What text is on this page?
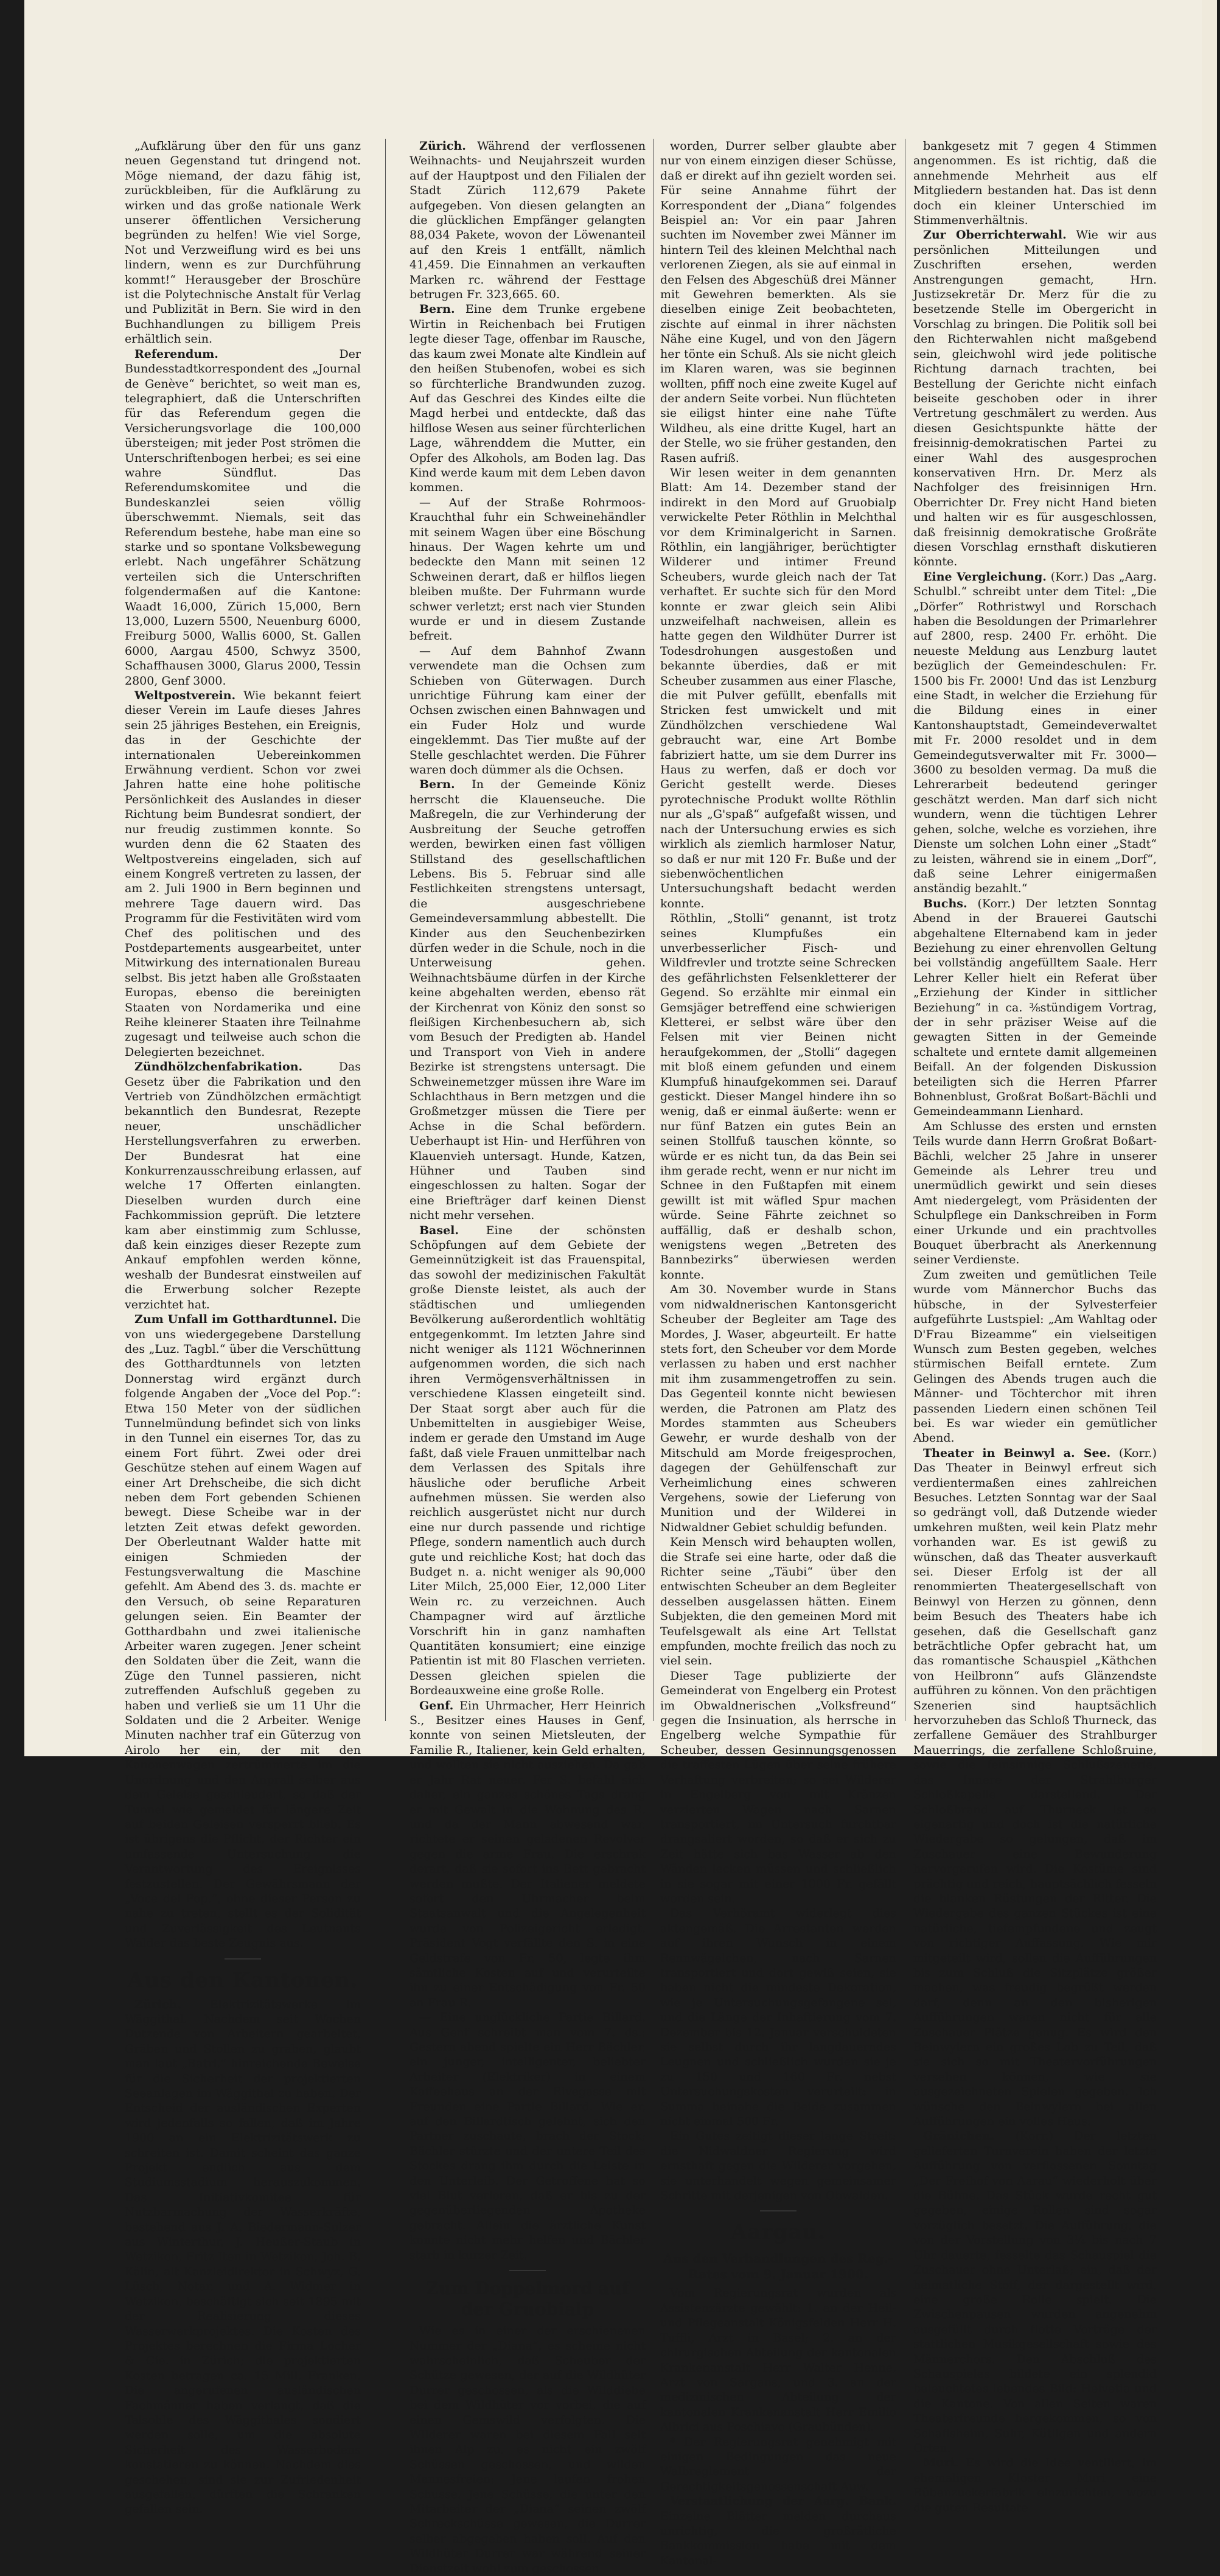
„Aufklärung über den für uns ganz neuen Gegenstand tut dringend not. Möge niemand, der dazu fähig ist, zurückbleiben, für die Aufklärung zu wirken und das große nationale Werk unserer öffentlichen Versicherung begründen zu helfen! Wie viel Sorge, Not und Verzweiflung wird es bei uns lindern, wenn es zur Durchführung kommt!“ Herausgeber der Broschüre ist die Polytechnische Anstalt für Verlag und Publizität in Bern. Sie wird in den Buchhandlungen zu billigem Preis erhältlich sein.

Referendum.	Der Bundesstadtkorrespondent des „Journal de Genève“ berichtet, so weit man es, telegraphiert, daß die Unterschriften für das Referendum gegen die Versicherungsvorlage die 100,000 übersteigen; mit jeder Post strömen die Unterschriftenbogen herbei; es sei eine wahre Sündflut. Das Referendumskomitee und die Bundeskanzlei seien völlig überschwemmt. Niemals, seit das Referendum bestehe, habe man eine so starke und so spontane Volksbewegung erlebt. Nach ungefährer Schätzung verteilen sich die Unterschriften folgendermaßen auf die Kantone: Waadt 16,000, Zürich 15,000, Bern 13,000, Luzern 5500, Neuenburg 6000, Freiburg 5000, Wallis 6000, St. Gallen 6000, Aargau 4500, Schwyz 3500, Schaffhausen 3000, Glarus 2000, Tessin 2800, Genf 3000.

Weltpostverein. Wie bekannt feiert dieser Verein im Laufe dieses Jahres sein 25 jähriges Bestehen, ein Ereignis, das in der Geschichte der internationalen Uebereinkommen Erwähnung verdient. Schon vor zwei Jahren hatte eine hohe politische Persönlichkeit des Auslandes in dieser Richtung beim Bundesrat sondiert, der nur freudig zustimmen konnte. So wurden denn die 62 Staaten des Weltpostvereins eingeladen, sich auf einem Kongreß vertreten zu lassen, der am 2. Juli 1900 in Bern beginnen und mehrere Tage dauern wird. Das Programm für die Festivitäten wird vom Chef des politischen und des Postdepartements ausgearbeitet, unter Mitwirkung des internationalen Bureau selbst. Bis jetzt haben alle Großstaaten Europas, ebenso die bereinigten Staaten von Nordamerika und eine Reihe kleinerer Staaten ihre Teilnahme zugesagt und teilweise auch schon die Delegierten bezeichnet.

Zündhölzchenfabrikation.	Das Gesetz über die Fabrikation und den Vertrieb von Zündhölzchen ermächtigt bekanntlich den Bundesrat, Rezepte neuer, unschädlicher Herstellungsverfahren zu erwerben. Der Bundesrat hat eine Konkurrenzausschreibung erlassen, auf welche 17 Offerten einlangten. Dieselben wurden durch eine Fachkommission geprüft. Die letztere kam aber einstimmig zum Schlusse, daß kein einziges dieser Rezepte zum Ankauf empfohlen werden könne, weshalb der Bundesrat einstweilen auf die Erwerbung solcher Rezepte verzichtet hat.

Zum Unfall im Gotthardtunnel. Die von uns wiedergegebene Darstellung des „Luz. Tagbl.“ über die Verschüttung des Gotthardtunnels von letzten Donnerstag wird ergänzt durch folgende Angaben der „Voce del Pop.“: Etwa 150 Meter von der südlichen Tunnelmündung befindet sich von links in den Tunnel ein eisernes Tor, das zu einem Fort führt. Zwei oder drei Geschütze stehen auf einem Wagen auf einer Art Drehscheibe, die sich dicht neben dem Fort gebenden Schienen bewegt. Diese Scheibe war in der letzten Zeit etwas defekt geworden. Der Oberleutnant Walder hatte mit einigen Schmieden der Festungsverwaltung die Maschine gefehlt. Am Abend des 3. ds. machte er den Versuch, ob seine Reparaturen gelungen seien. Ein Beamter der Gotthardbahn und zwei italienische Arbeiter waren zugegen. Jener scheint den Soldaten über die Zeit, wann die Züge den Tunnel passieren, nicht zutreffenden Aufschluß gegeben zu haben und verließ sie um 11 Uhr die Soldaten und die 2 Arbeiter. Wenige Minuten nachher traf ein Güterzug von Airolo her ein, der mit den Kanonenwagen zertrümmerte im die Unordnung und den Anprall selber aus dem Geleise geschleudert, so daß der Tunnel wie gemeldet für längere Zeit auf beiden Geleisen versperrt blieb. Es ist übrigens die Pflicht, der Richter ein umfassende Untersuchung die Verantwortung des Ereignisses festzustellen. Der Gewährsmann der „Voce del Pop.“, ohne dieser Person zu nahe zu treten, stellt es der Solidität und Zuverlässigkeit des Leutnants Walder das beste Zeugnis aus.

Aus den Kantonen.

Zürich. Elektrizitätswerke im Wäggithal. Nachdem seit Wochen Dutzende von Arbeitern gearbeitet, Gräben und Stollen zu graben, glaubt man laut „Batrl.“ hinreichende Beweise für die Sicherheit der projektierten Seeanlagen im Wäggithal zu haben. Der Entscheid der ausländischen Experten wird jedenfalls so fallen, daß im Jahre 1900 an ein Elektrizitätswerk zu schreiten ist. Damit scheint das ganze Projekt endlich aus dem Studiumsstadium herauszukommen. Das Initiativkomitee für Nutzbarmachung der Wasserkräfte, bestehend aus J. A. Biedermann-Sulzer aus Winterthur, J. Heußer-Staub in Wetzikon, Fritz Iten in Wetzikon, Joh. B. Kälin, alt Kanzleidirektor in Schwyz, G. Lüsch, Notar, und A. Widmer in Wetzikon, beschäftigt sich seit 1895 mit der Realisierung dieses Wasserwerkprojektes. Die Kosten des Projektes berechnen die Firma Locher & Cie. in Zürich; die projektierten Kosten betragen ca. 15 Mill. Franken. Die angerufenen ausländischen Fachmänner haben verlangt, daß die Talsohle des Wäggithales sondiert werden solle, um die absolute Sicherheit des Wasserbodens konstatieren zu können. Nachdem dies geschehen, sind sie zur Zufriedenheit ausgefallen, dürften die Schranken gefallen sein.

Zürich. Während der verflossenen Weihnachts- und Neujahrszeit wurden auf der Hauptpost und den Filialen der Stadt Zürich 112,679 Pakete aufgegeben. Von diesen gelangten an die glücklichen Empfänger gelangten 88,034 Pakete, wovon der Löwenanteil auf den Kreis 1 entfällt, nämlich 41,459. Die Einnahmen an verkauften Marken rc. während der Festtage betrugen Fr. 323,665. 60.

Bern. Eine dem Trunke ergebene Wirtin in Reichenbach bei Frutigen legte dieser Tage, offenbar im Rausche, das kaum zwei Monate alte Kindlein auf den heißen Stubenofen, wobei es sich so fürchterliche Brandwunden zuzog. Auf das Geschrei des Kindes eilte die Magd herbei und entdeckte, daß das hilflose Wesen aus seiner fürchterlichen Lage, währenddem die Mutter, ein Opfer des Alkohols, am Boden lag. Das Kind werde kaum mit dem Leben davon kommen.

— Auf der Straße Rohrmoos-Krauchthal fuhr ein Schweinehändler mit seinem Wagen über eine Böschung hinaus. Der Wagen kehrte um und bedeckte den Mann mit seinen 12 Schweinen derart, daß er hilflos liegen bleiben mußte. Der Fuhrmann wurde schwer verletzt; erst nach vier Stunden wurde er und in diesem Zustande befreit.

— Auf dem Bahnhof Zwann verwendete man die Ochsen zum Schieben von Güterwagen. Durch unrichtige Führung kam einer der Ochsen zwischen einen Bahnwagen und ein Fuder Holz und wurde eingeklemmt. Das Tier mußte auf der Stelle geschlachtet werden. Die Führer waren doch dümmer als die Ochsen.

Bern. In der Gemeinde Köniz herrscht die Klauenseuche. Die Maßregeln, die zur Verhinderung der Ausbreitung der Seuche getroffen werden, bewirken einen fast völligen Stillstand des gesellschaftlichen Lebens. Bis 5. Februar sind alle Festlichkeiten strengstens untersagt, die ausgeschriebene Gemeindeversammlung abbestellt. Die Kinder aus den Seuchenbezirken dürfen weder in die Schule, noch in die Unterweisung gehen. Weihnachtsbäume dürfen in der Kirche keine abgehalten werden, ebenso rät der Kirchenrat von Köniz den sonst so fleißigen Kirchenbesuchern ab, sich vom Besuch der Predigten ab. Handel und Transport von Vieh in andere Bezirke ist strengstens untersagt. Die Schweinemetzger müssen ihre Ware im Schlachthaus in Bern metzgen und die Großmetzger müssen die Tiere per Achse in die Schal befördern. Ueberhaupt ist Hin- und Herführen von Klauenvieh untersagt. Hunde, Katzen, Hühner und Tauben sind eingeschlossen zu halten. Sogar der eine Briefträger darf keinen Dienst nicht mehr versehen.

Basel. Eine der schönsten Schöpfungen auf dem Gebiete der Gemeinnützigkeit ist das Frauenspital, das sowohl der medizinischen Fakultät große Dienste leistet, als auch der städtischen und umliegenden Bevölkerung außerordentlich wohltätig entgegenkommt. Im letzten Jahre sind nicht weniger als 1121 Wöchnerinnen aufgenommen worden, die sich nach ihren Vermögensverhältnissen in verschiedene Klassen eingeteilt sind. Der Staat sorgt aber auch für die Unbemittelten in ausgiebiger Weise, indem er gerade den Umstand im Auge faßt, daß viele Frauen unmittelbar nach dem Verlassen des Spitals ihre häusliche oder berufliche Arbeit aufnehmen müssen. Sie werden also reichlich ausgerüstet nicht nur durch eine nur durch passende und richtige Pflege, sondern namentlich auch durch gute und reichliche Kost; hat doch das Budget n. a. nicht weniger als 90,000 Liter Milch, 25,000 Eier, 12,000 Liter Wein rc. zu verzeichnen. Auch Champagner wird auf ärztliche Vorschrift hin in ganz namhaften Quantitäten konsumiert; eine einzige Patientin ist mit 80 Flaschen verrieten. Dessen gleichen spielen die Bordeauxweine eine große Rolle.

Genf. Ein Uhrmacher, Herr Heinrich S., Besitzer eines Hauses in Genf, konnte von seinen Mietsleuten, der Familie R., Italiener, kein Geld erhalten, und wollten sie nicht ausziehen. Da gab er Jahr Rat neuer. Fer S. befahl sich daher, ein ganzes schönes Tags drang er mit Gewalt in die Wohnung des R. und da der Mann abwesend war, richtete er seinen geladenen Revolver gegen die arme Frau. Die erschrak derart, daß sie sofort ins Bett gebracht werden mußte. Der Italiener meldete sofort den Uhrmacher beim Staatsanwalt und die Angelegenheit wurde von Polizeigericht erledigt. Präsident Vogt verfällte den S. in eine Geldstrafe von Fr. 50, legte ihm sämtliche Kosten auf und verurteilte ihn zu einer Entschädigung von Fr. 50 an Frau R.

— Eine unglückliche Partie Billard. Aus Genf schreibt man vom 7. ds.: Gestern abend spielte ein Herr Bächler, ein junger, intelligenter, beliebter Arbeiter (Elektriker) in einem Kaffeehaus an der Rivegasse mit Freunden eine Partie Billard. Wie er, auf den Billardtisch gelehnt, sich den Partner zuschaute, brach der Stock; Bächler stürzte und der untere Teil des Stockes drang ihm durch die Leiste in den Unterleib. Der Getroffene hat so viel Blut verloren, daß er bis zu der gegenüberliegenden Apotheke gebracht. Allein die ärztliche Kunst konnte nicht mehr helfen und Bächler starb in kurzer Zeit.

Zum Doppelmord auf der Gruobialp

Wie es in einer der erschienenen Nummer der „Diana“, es scheine nicht wahrscheinlich, daß Scheuber der Schütze gewesen, der auf die Wildhüter Durrer geschossen, als die Wilddiebe bei dem Wildhüter vor vorbei, die auf einen Gemswild verfolgten. Die Wilderer waren bei diesem Fall seit ihnen Alp zu, es nicht ein zwölf Schüssen geschossen, und wilden Mannesfreien: Jene laufen frohen Schusse. Jene Schüsse, die unter den Mitarbeiter der „Diana“ seinen zwölf Schreckschüsse gewesen, die Durrer selber abgegeben haben soll. Auf den Wildhüter Durrer war während seiner Dienstzeit wohl zum geschossen

worden, Durrer selber glaubte aber nur von einem einzigen dieser Schüsse, daß er direkt auf ihn gezielt worden sei. Für seine Annahme führt der Korrespondent der „Diana“ folgendes Beispiel an: Vor ein paar Jahren suchten im November zwei Männer im hintern Teil des kleinen Melchthal nach verlorenen Ziegen, als sie auf einmal in den Felsen des Abgeschüß drei Männer mit Gewehren bemerkten. Als sie dieselben einige Zeit beobachteten, zischte auf einmal in ihrer nächsten Nähe eine Kugel, und von den Jägern her tönte ein Schuß. Als sie nicht gleich im Klaren waren, was sie beginnen wollten, pfiff noch eine zweite Kugel auf der andern Seite vorbei. Nun flüchteten sie eiligst hinter eine nahe Tüfte Wildheu, als eine dritte Kugel, hart an der Stelle, wo sie früher gestanden, den Rasen aufriß.

Wir lesen weiter in dem genannten Blatt: Am 14. Dezember stand der indirekt in den Mord auf Gruobialp verwickelte Peter Röthlin in Melchthal vor dem Kriminalgericht in Sarnen. Röthlin, ein langjähriger, berüchtigter Wilderer und intimer Freund Scheubers, wurde gleich nach der Tat verhaftet. Er suchte sich für den Mord konnte er zwar gleich sein Alibi unzweifelhaft nachweisen, allein es hatte gegen den Wildhüter Durrer ist Todesdrohungen ausgestoßen und bekannte überdies, daß er mit Scheuber zusammen aus einer Flasche, die mit Pulver gefüllt, ebenfalls mit Stricken fest umwickelt und mit Zündhölzchen verschiedene Wal gebraucht war, eine Art Bombe fabriziert hatte, um sie dem Durrer ins Haus zu werfen, daß er doch vor Gericht gestellt werde. Dieses pyrotechnische Produkt wollte Röthlin nur als „G'spaß“ aufgefaßt wissen, und nach der Untersuchung erwies es sich wirklich als ziemlich harmloser Natur, so daß er nur mit 120 Fr. Buße und der siebenwöchentlichen Untersuchungshaft bedacht werden konnte.

Röthlin, „Stolli“ genannt, ist trotz seines Klumpfußes ein unverbesserlicher Fisch- und Wildfrevler und trotzte seine Schrecken des gefährlichsten Felsenkletterer der Gegend. So erzählte mir einmal ein Gemsjäger betreffend eine schwierigen Kletterei, er selbst wäre über den Felsen mit vier Beinen nicht heraufgekommen, der „Stolli“ dagegen mit bloß einem gefunden und einem Klumpfuß hinaufgekommen sei. Darauf gestickt. Dieser Mangel hindere ihn so wenig, daß er einmal äußerte: wenn er nur fünf Batzen ein gutes Bein an seinen Stollfuß tauschen könnte, so würde er es nicht tun, da das Bein sei ihm gerade recht, wenn er nur nicht im Schnee in den Fußtapfen mit einem gewillt ist mit wäfled Spur machen würde. Seine Fährte zeichnet so auffällig, daß er deshalb schon, wenigstens wegen „Betreten des Bannbezirks“ überwiesen werden konnte.

Am 30. November wurde in Stans vom nidwaldnerischen Kantonsgericht Scheuber der Begleiter am Tage des Mordes, J. Waser, abgeurteilt. Er hatte stets fort, den Scheuber vor dem Morde verlassen zu haben und erst nachher mit ihm zusammengetroffen zu sein. Das Gegenteil konnte nicht bewiesen werden, die Patronen am Platz des Mordes stammten aus Scheubers Gewehr, er wurde deshalb von der Mitschuld am Morde freigesprochen, dagegen der Gehülfenschaft zur Verheimlichung eines schweren Vergehens, sowie der Lieferung von Munition und der Wilderei in Nidwaldner Gebiet schuldig befunden.

Kein Mensch wird behaupten wollen, die Strafe sei eine harte, oder daß die Richter seine „Täubi“ über den entwischten Scheuber an dem Begleiter desselben ausgelassen hätten. Einem Subjekten, die den gemeinen Mord mit Teufelsgewalt als eine Art Tellstat empfunden, mochte freilich das noch zu viel sein.

Dieser Tage publizierte der Gemeinderat von Engelberg ein Protest im Obwaldnerischen „Volksfreund“ gegen die Insinuation, als herrsche in Engelberg welche Sympathie für Scheuber, dessen Gesinnungsgenossen die traffesten Lügen über seine frühere Verhaftung verbreiten; so sei Wilderer in Engelberg von mit Kränzen verzierten Wagen nach Sarnen transportiert, im Untersuch furchtbar drangsaliert worden, so daß er sich zu Zeit hätte sich bas Wasser ab den Wänden lecken müssen und schließlich in sie sogar mit einer 1000 Fr. gefällt worden sein.

Das Verhöramt widerlegt dies aktengemäß. Die Arrestanten werden auf ihren Wunsch in einem Rennwägelchen, nach Sarnen transportiert und dort gewiß seien, sie haben nicht die mindeste Dekoration, wie je Untersuchungsgefangene sei, und die Länge der Inhaftierung vom 7. Dezember bis 12. Januar verschuldeten sie selbst durch ihr langdauerndes Leugnen und schließlich wurden sie je zu 150 und 160 Fr. nebst Untersuchungskosten verurteilt: in Summa beinahe die Beide zusammen nicht einmal 500 Fr.

Ein Gutes zeitigt dieser lange Streit: die Nidwaldner Regierung wird ernsthaft gegen die Wilderer vorgehen, sie unterhandelt wegen gemeinsamer Schritte mit derjenigen von Obwalden.

Aargau.
Aus den Verhandlungen des Reg.-Rates vom 9. Januar 1900.

Vom Regierungsrat wurden als Assistenzärzte gewählt: 1. an der Heil- und Pflegeanstalt Königsfelden Herr H. Tuffli, Arzt in Basel; 2. an der chirurgischen Abteilung der kantonalen Krankenanstalt Herr Walter Henne, Arzt von Sargans, und 3. an der medizinischen Abteilung der kantonalen Krankenanstalt Herr Emilio Albrici aus Poschiavo (Graubünden).

* Der Regierungsrat genehmigt mit einigen Bedingungen das neue Walbreglement der Gerechtigkeitsgenossenschaft Auw.

Verstaatlichung der Aarg. Bank. Einzelne Blätter melden durchaus unrichtig, die großrätliche Bankkommission habe mit dem Kantonal-

bankgesetz mit 7 gegen 4 Stimmen angenommen. Es ist richtig, daß die annehmende Mehrheit aus elf Mitgliedern bestanden hat. Das ist denn doch ein kleiner Unterschied im Stimmenverhältnis.

Zur Oberrichterwahl. Wie wir aus persönlichen Mitteilungen und Zuschriften ersehen, werden Anstrengungen gemacht, Hrn. Justizsekretär Dr. Merz für die zu besetzende Stelle im Obergericht in Vorschlag zu bringen. Die Politik soll bei den Richterwahlen nicht maßgebend sein, gleichwohl wird jede politische Richtung darnach trachten, bei Bestellung der Gerichte nicht einfach beiseite geschoben oder in ihrer Vertretung geschmälert zu werden. Aus diesen Gesichtspunkte hätte der freisinnig-demokratischen Partei zu einer Wahl des ausgesprochen konservativen Hrn. Dr. Merz als Nachfolger des freisinnigen Hrn. Oberrichter Dr. Frey nicht Hand bieten und halten wir es für ausgeschlossen, daß freisinnig demokratische Großräte diesen Vorschlag ernsthaft diskutieren könnte.

Eine Vergleichung. (Korr.) Das „Aarg. Schulbl.“ schreibt unter dem Titel: „Die „Dörfer“ Rothristwyl und Rorschach haben die Besoldungen der Primarlehrer auf 2800, resp. 2400 Fr. erhöht. Die neueste Meldung aus Lenzburg lautet bezüglich der Gemeindeschulen: Fr. 1500 bis Fr. 2000! Und das ist Lenzburg eine Stadt, in welcher die Erziehung für die Bildung eines in einer Kantonshauptstadt, Gemeindeverwaltet mit Fr. 2000 resoldet und in dem Gemeindegutsverwalter mit Fr. 3000—3600 zu besolden vermag. Da muß die Lehrerarbeit bedeutend geringer geschätzt werden. Man darf sich nicht wundern, wenn die tüchtigen Lehrer gehen, solche, welche es vorziehen, ihre Dienste um solchen Lohn einer „Stadt“ zu leisten, während sie in einem „Dorf“, daß seine Lehrer einigermaßen anständig bezahlt.“

Buchs. (Korr.) Der letzten Sonntag Abend in der Brauerei Gautschi abgehaltene Elternabend kam in jeder Beziehung zu einer ehrenvollen Geltung bei vollständig angefülltem Saale. Herr Lehrer Keller hielt ein Referat über „Erziehung der Kinder in sittlicher Beziehung“ in ca. ⅜stündigem Vortrag, der in sehr präziser Weise auf die gewagten Sitten in der Gemeinde schaltete und erntete damit allgemeinen Beifall. An der folgenden Diskussion beteiligten sich die Herren Pfarrer Bohnenblust, Großrat Boßart-Bächli und Gemeindeammann Lienhard.

Am Schlusse des ersten und ernsten Teils wurde dann Herrn Großrat Boßart-Bächli, welcher 25 Jahre in unserer Gemeinde als Lehrer treu und unermüdlich gewirkt und sein dieses Amt niedergelegt, vom Präsidenten der Schulpflege ein Dankschreiben in Form einer Urkunde und ein prachtvolles Bouquet überbracht als Anerkennung seiner Verdienste.

Zum zweiten und gemütlichen Teile wurde vom Männerchor Buchs das hübsche, in der Sylvesterfeier aufgeführte Lustspiel: „Am Wahltag oder D'Frau Bizeamme“ ein vielseitigen Wunsch zum Besten gegeben, welches stürmischen Beifall erntete. Zum Gelingen des Abends trugen auch die Männer- und Töchterchor mit ihren passenden Liedern einen schönen Teil bei. Es war wieder ein gemütlicher Abend.

Theater in Beinwyl a. See. (Korr.) Das Theater in Beinwyl erfreut sich verdientermaßen eines zahlreichen Besuches. Letzten Sonntag war der Saal so gedrängt voll, daß Dutzende wieder umkehren mußten, weil kein Platz mehr vorhanden war. Es ist gewiß zu wünschen, daß das Theater ausverkauft sei. Dieser Erfolg ist der all renommierten Theatergesellschaft von Beinwyl von Herzen zu gönnen, denn beim Besuch des Theaters habe ich gesehen, daß die Gesellschaft ganz beträchtliche Opfer gebracht hat, um das romantische Schauspiel „Käthchen von Heilbronn“ aufs Glänzendste aufführen zu können. Von den prächtigen Szenerien sind hauptsächlich hervorzuheben das Schloß Thurneck, das zerfallene Gemäuer des Strahlburger Mauerrings, die zerfallene Schloßruine, sowie die feinsinnige Schlußszenerie, das Innere der Strahlburger Schloßkapelle darstellend. Der Schloßbrand auf Thurneck ist so eigenartig und doch ist die natürliche Wiedergabe so gelungen, daß im Zuschauer eine Bewunderung hervorgerufen wird. Die Kostüme sind prächtig und reich, hauptsächlich fesseln die blanken Rüstungen der Ritter. Die Wiedergabe des ganzen Stückes ist eine natürliche, tiefempfundene und zeugt von richtiger Auffassung. Wie mir mitgeteilt wird, sollen die Aufführungen bis zum Schluß die Sitzplätze größer machen, was freudig begrüßt werden darf, denn an den bisherigen Aufführungen waren nicht für alle Zuschauer Plätze genug. Es wird den Beinwylern ein großes Lob zu Teil, daß sie sich so mit Theatervorführungen versehen können, wie sie ausgezeichneten Spielen gegeben. Ich wünsche den Beinwylern bei allen Aufführungen ein volles Haus.

Gränichen. (Korr.) Der letzten gelieferten Turnverein haben der letzte Aufführung von verflossenen Sonntag „Der Freihof von Aarau“ wiederholt über die Bühne. Das Stück wurde recht gut gegeben, einige Rollen sind sogar vorzüglich besetzt. Die Aufführung, die von der Vorstellung von 3¼ bis nach 7 Uhr dauerte, fesselte das Schauspiel die Zuschauer ohne Unterlaß; ein, daß der heimatliche Stoff, der dargestellt wird, eine große Rolle spielt. Die Zwischenpausen wurden angenehm ausgefüllt durch flotte Vorträge der stattlichen Musikgesellschaft sowie des Männerchors. Den Abschluß des Schauspieles bildete ein splendid beleuchtetes lebendes Bild: Helvetia und die Kantone. Von allen Seiten waren Theaterfreunde hergekommen, so von Schafisheim, Suhr, Kütligen und andern Orten.

Muri. Es wird die Idee ventiliert, im ehemaligen Kloster Muri eine Rübenzuckerfabrik einzurichten, wozu die guten Resultate
